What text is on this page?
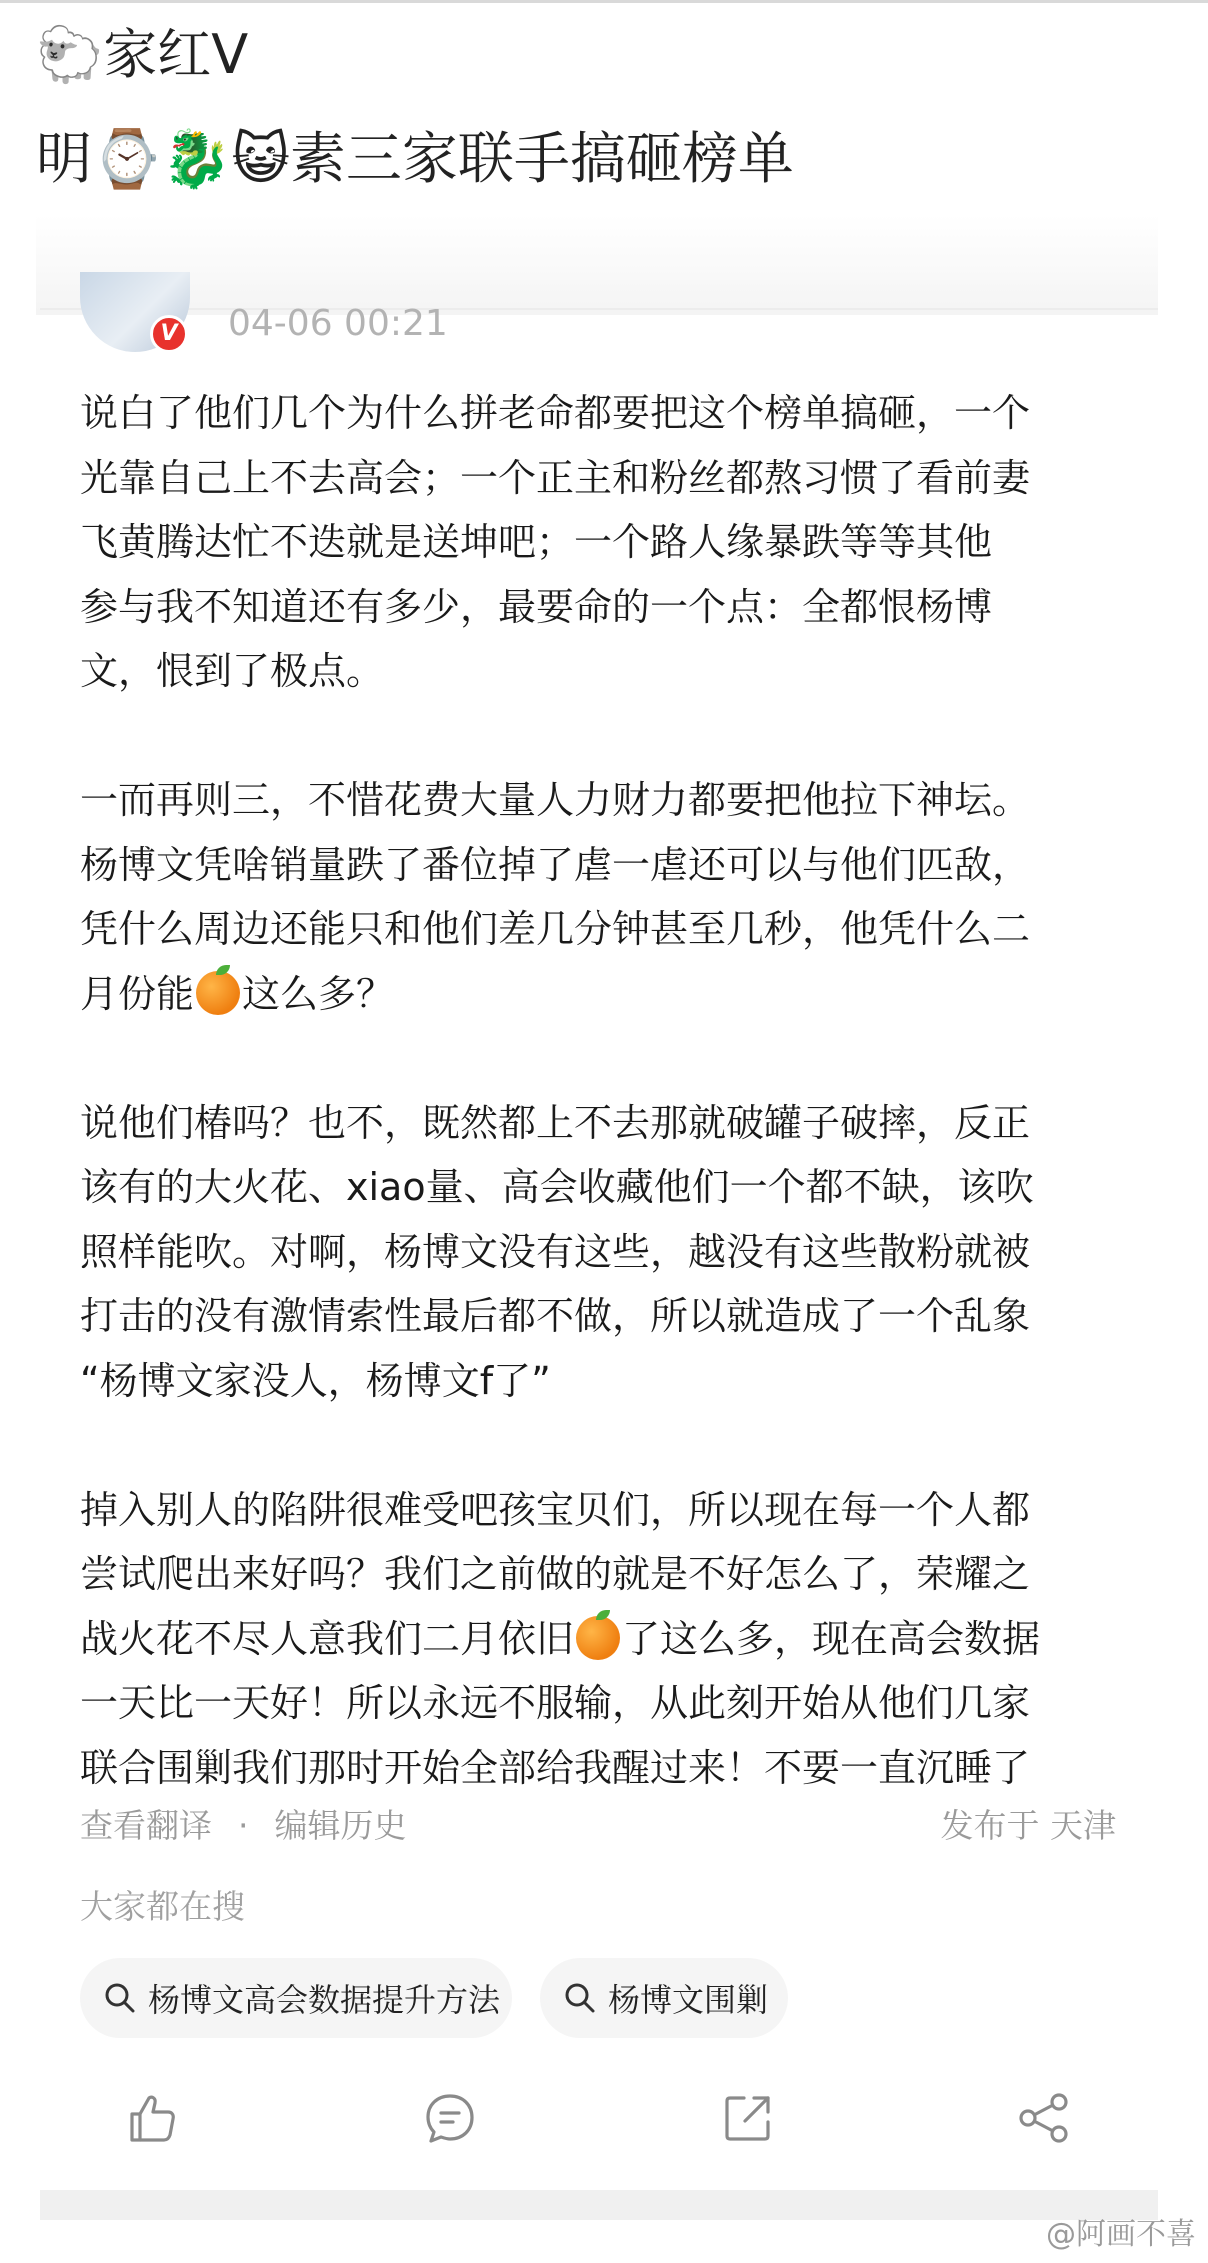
🐑家红V
明⌚🐉😺素三家联手搞砸榜单
V 04-06 00:21
说白了他们几个为什么拼老命都要把这个榜单搞砸，一个
光靠自己上不去高会；一个正主和粉丝都熬习惯了看前妻
飞黄腾达忙不迭就是送坤吧；一个路人缘暴跌等等其他
参与我不知道还有多少，最要命的一个点：全都恨杨博
文，恨到了极点。
一而再则三，不惜花费大量人力财力都要把他拉下神坛。
杨博文凭啥销量跌了番位掉了虐一虐还可以与他们匹敌，
凭什么周边还能只和他们差几分钟甚至几秒，他凭什么二
月份能 这么多？
说他们椿吗？也不，既然都上不去那就破罐子破摔，反正
该有的大火花、xiao量、高会收藏他们一个都不缺，该吹
照样能吹。对啊，杨博文没有这些，越没有这些散粉就被
打击的没有激情索性最后都不做，所以就造成了一个乱象
“杨博文家没人，杨博文f了”
掉入别人的陷阱很难受吧孩宝贝们，所以现在每一个人都
尝试爬出来好吗？我们之前做的就是不好怎么了，荣耀之
战火花不尽人意我们二月依旧 了这么多，现在高会数据
一天比一天好！所以永远不服输，从此刻开始从他们几家
联合围剿我们那时开始全部给我醒过来！不要一直沉睡了
查看翻译 · 编辑历史	发布于 天津
大家都在搜
杨博文高会数据提升方法	杨博文围剿
@阿画不喜
